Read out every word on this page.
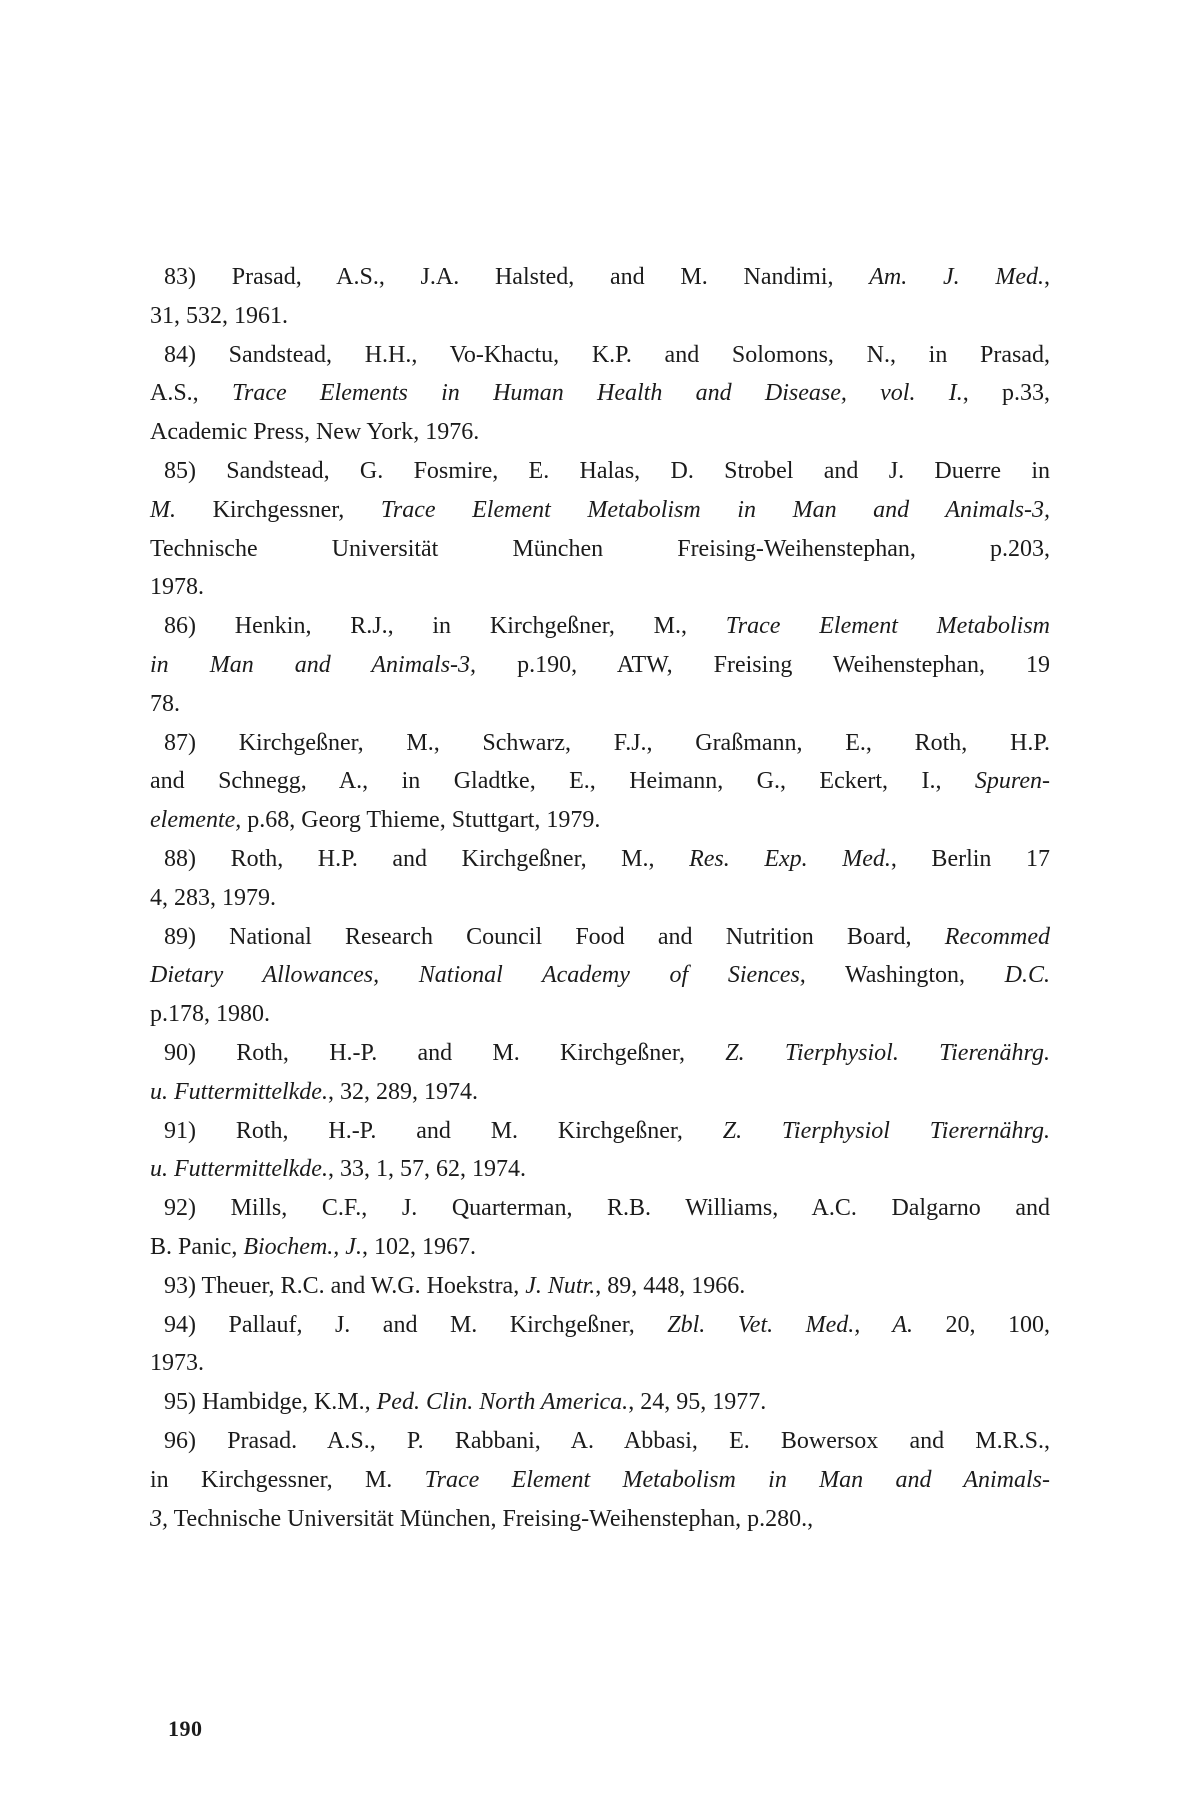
83) Prasad, A.S., J.A. Halsted, and M. Nandimi, Am. J. Med.,
31, 532, 1961.
84) Sandstead, H.H., Vo-Khactu, K.P. and Solomons, N., in Prasad,
A.S., Trace Elements in Human Health and Disease, vol. I., p.33,
Academic Press, New York, 1976.
85) Sandstead, G. Fosmire, E. Halas, D. Strobel and J. Duerre in
M. Kirchgessner, Trace Element Metabolism in Man and Animals-3,
Technische Universität München Freising-Weihenstephan, p.203,
1978.
86) Henkin, R.J., in Kirchgeßner, M., Trace Element Metabolism
in Man and Animals-3, p.190, ATW, Freising Weihenstephan, 19
78.
87) Kirchgeßner, M., Schwarz, F.J., Graßmann, E., Roth, H.P.
and Schnegg, A., in Gladtke, E., Heimann, G., Eckert, I., Spuren-
elemente, p.68, Georg Thieme, Stuttgart, 1979.
88) Roth, H.P. and Kirchgeßner, M., Res. Exp. Med., Berlin 17
4, 283, 1979.
89) National Research Council Food and Nutrition Board, Recommed
Dietary Allowances, National Academy of Siences, Washington, D.C.
p.178, 1980.
90) Roth, H.-P. and M. Kirchgeßner, Z. Tierphysiol. Tierenährg.
u. Futtermittelkde., 32, 289, 1974.
91) Roth, H.-P. and M. Kirchgeßner, Z. Tierphysiol Tierernährg.
u. Futtermittelkde., 33, 1, 57, 62, 1974.
92) Mills, C.F., J. Quarterman, R.B. Williams, A.C. Dalgarno and
B. Panic, Biochem., J., 102, 1967.
93) Theuer, R.C. and W.G. Hoekstra, J. Nutr., 89, 448, 1966.
94) Pallauf, J. and M. Kirchgeßner, Zbl. Vet. Med., A. 20, 100,
1973.
95) Hambidge, K.M., Ped. Clin. North America., 24, 95, 1977.
96) Prasad. A.S., P. Rabbani, A. Abbasi, E. Bowersox and M.R.S.,
in Kirchgessner, M. Trace Element Metabolism in Man and Animals-
3, Technische Universität München, Freising-Weihenstephan, p.280.,
190
